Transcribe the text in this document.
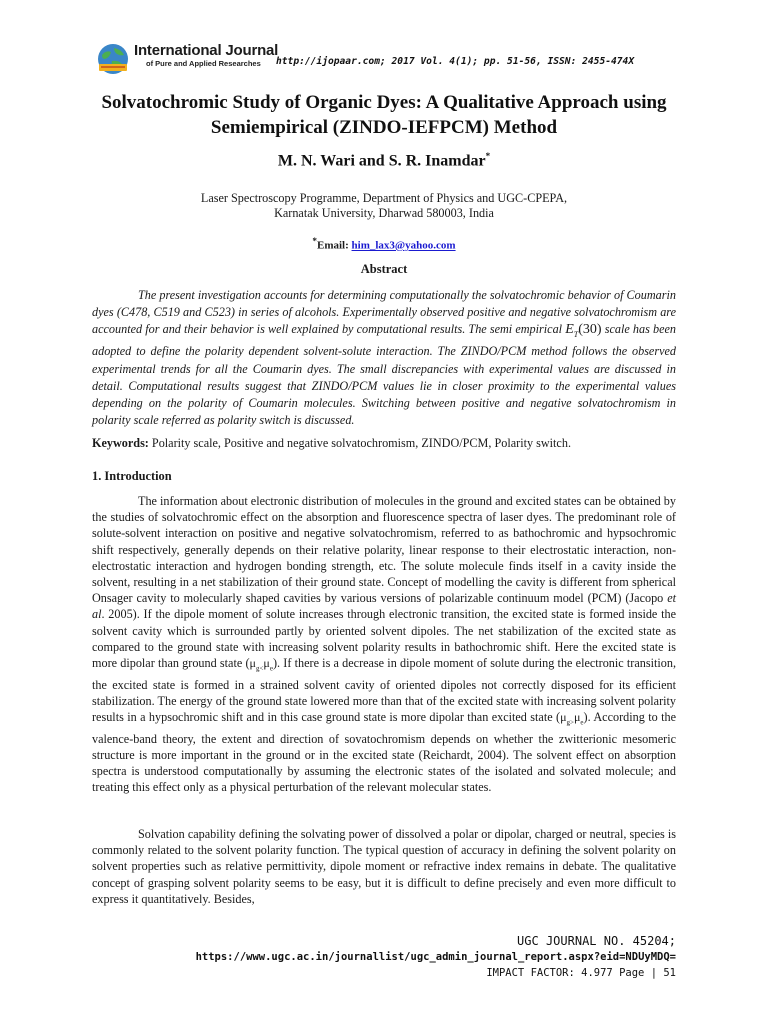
International Journal
of Pure and Applied Researches http://ijopaar.com; 2017 Vol. 4(1); pp. 51-56, ISSN: 2455-474X
Solvatochromic Study of Organic Dyes: A Qualitative Approach using Semiempirical (ZINDO-IEFPCM) Method
M. N. Wari and S. R. Inamdar*
Laser Spectroscopy Programme, Department of Physics and UGC-CPEPA,
Karnatak University, Dharwad 580003, India
*Email: him_lax3@yahoo.com
Abstract

The present investigation accounts for determining computationally the solvatochromic behavior of Coumarin dyes (C478, C519 and C523) in series of alcohols. Experimentally observed positive and negative solvatochromism are accounted for and their behavior is well explained by computational results. The semi empirical $E_T(30)$ scale has been adopted to define the polarity dependent solvent-solute interaction. The ZINDO/PCM method follows the observed experimental trends for all the Coumarin dyes. The small discrepancies with experimental values are discussed in detail. Computational results suggest that ZINDO/PCM values lie in closer proximity to the experimental values depending on the polarity of Coumarin molecules. Switching between positive and negative solvatochromism in polarity scale referred as polarity switch is discussed.

Keywords: Polarity scale, Positive and negative solvatochromism, ZINDO/PCM, Polarity switch.

1. Introduction

The information about electronic distribution of molecules in the ground and excited states can be obtained by the studies of solvatochromic effect on the absorption and fluorescence spectra of laser dyes. The predominant role of solute-solvent interaction on positive and negative solvatochromism, referred to as bathochromic and hypsochromic shift respectively, generally depends on their relative polarity, linear response to their electrostatic interaction, non-electrostatic interaction and hydrogen bonding strength, etc. The solute molecule finds itself in a cavity inside the solvent, resulting in a net stabilization of their ground state. Concept of modelling the cavity is different from spherical Onsager cavity to molecularly shaped cavities by various versions of polarizable continuum model (PCM) (Jacopo et al. 2005). If the dipole moment of solute increases through electronic transition, the excited state is formed inside the solvent cavity which is surrounded partly by oriented solvent dipoles. The net stabilization of the excited state as compared to the ground state with increasing solvent polarity results in bathochromic shift. Here the excited state is more dipolar than ground state $(\mu_{g<}\mu_e)$. If there is a decrease in dipole moment of solute during the electronic transition, the excited state is formed in a strained solvent cavity of oriented dipoles not correctly disposed for its efficient stabilization. The energy of the ground state lowered more than that of the excited state with increasing solvent polarity results in a hypsochromic shift and in this case ground state is more dipolar than excited state $(\mu_{g>}\mu_e)$. According to the valence-band theory, the extent and direction of sovatochromism depends on whether the zwitterionic mesomeric structure is more important in the ground or in the excited state (Reichardt, 2004). The solvent effect on absorption spectra is understood computationally by assuming the electronic states of the isolated and solvated molecule; and treating this effect only as a physical perturbation of the relevant molecular states.

Solvation capability defining the solvating power of dissolved a polar or dipolar, charged or neutral, species is commonly related to the solvent polarity function. The typical question of accuracy in defining the solvent polarity on solvent properties such as relative permittivity, dipole moment or refractive index remains in debate. The qualitative concept of grasping solvent polarity seems to be easy, but it is difficult to define precisely and even more difficult to express it quantitatively. Besides,

UGC JOURNAL NO. 45204;
https://www.ugc.ac.in/journallist/ugc_admin_journal_report.aspx?eid=NDUyMDQ=
IMPACT FACTOR: 4.977 Page | 51
